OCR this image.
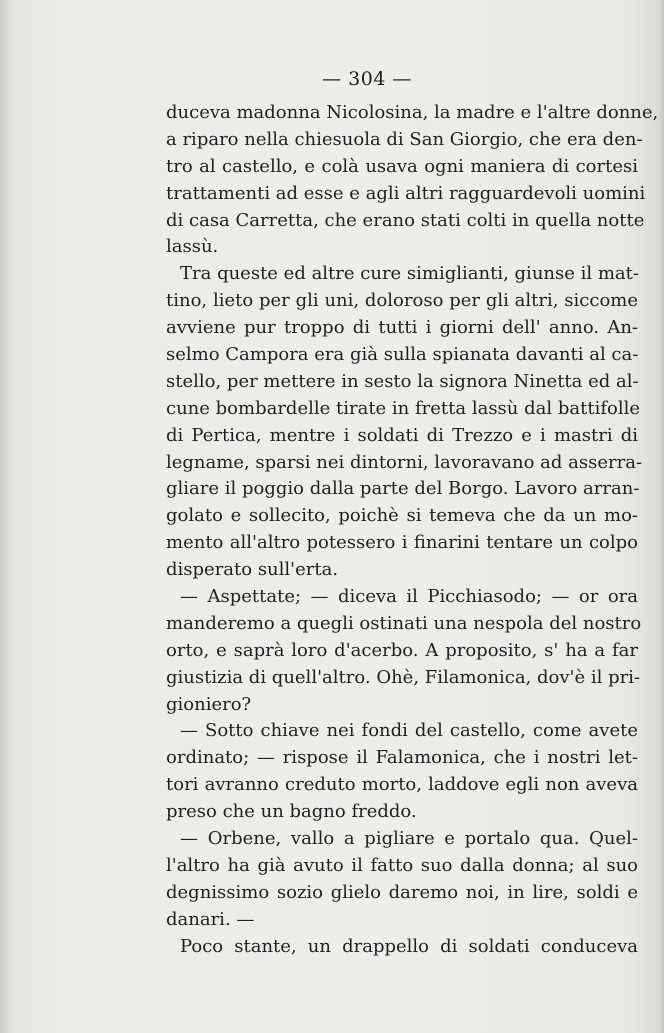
— 304 —

duceva madonna Nicolosina, la madre e l'altre donne,
a riparo nella chiesuola di San Giorgio, che era den-
tro al castello, e colà usava ogni maniera di cortesi
trattamenti ad esse e agli altri ragguardevoli uomini
di casa Carretta, che erano stati colti in quella notte
lassù.
Tra queste ed altre cure simiglianti, giunse il mat-
tino, lieto per gli uni, doloroso per gli altri, siccome
avviene pur troppo di tutti i giorni dell' anno. An-
selmo Campora era già sulla spianata davanti al ca-
stello, per mettere in sesto la signora Ninetta ed al-
cune bombardelle tirate in fretta lassù dal battifolle
di Pertica, mentre i soldati di Trezzo e i mastri di
legname, sparsi nei dintorni, lavoravano ad asserra-
gliare il poggio dalla parte del Borgo. Lavoro arran-
golato e sollecito, poichè si temeva che da un mo-
mento all'altro potessero i finarini tentare un colpo
disperato sull'erta.
— Aspettate; — diceva il Picchiasodo; — or ora
manderemo a quegli ostinati una nespola del nostro
orto, e saprà loro d'acerbo. A proposito, s' ha a far
giustizia di quell'altro. Ohè, Filamonica, dov'è il pri-
gioniero?
— Sotto chiave nei fondi del castello, come avete
ordinato; — rispose il Falamonica, che i nostri let-
tori avranno creduto morto, laddove egli non aveva
preso che un bagno freddo.
— Orbene, vallo a pigliare e portalo qua. Quel-
l'altro ha già avuto il fatto suo dalla donna; al suo
degnissimo sozio glielo daremo noi, in lire, soldi e
danari. —
Poco stante, un drappello di soldati conduceva
